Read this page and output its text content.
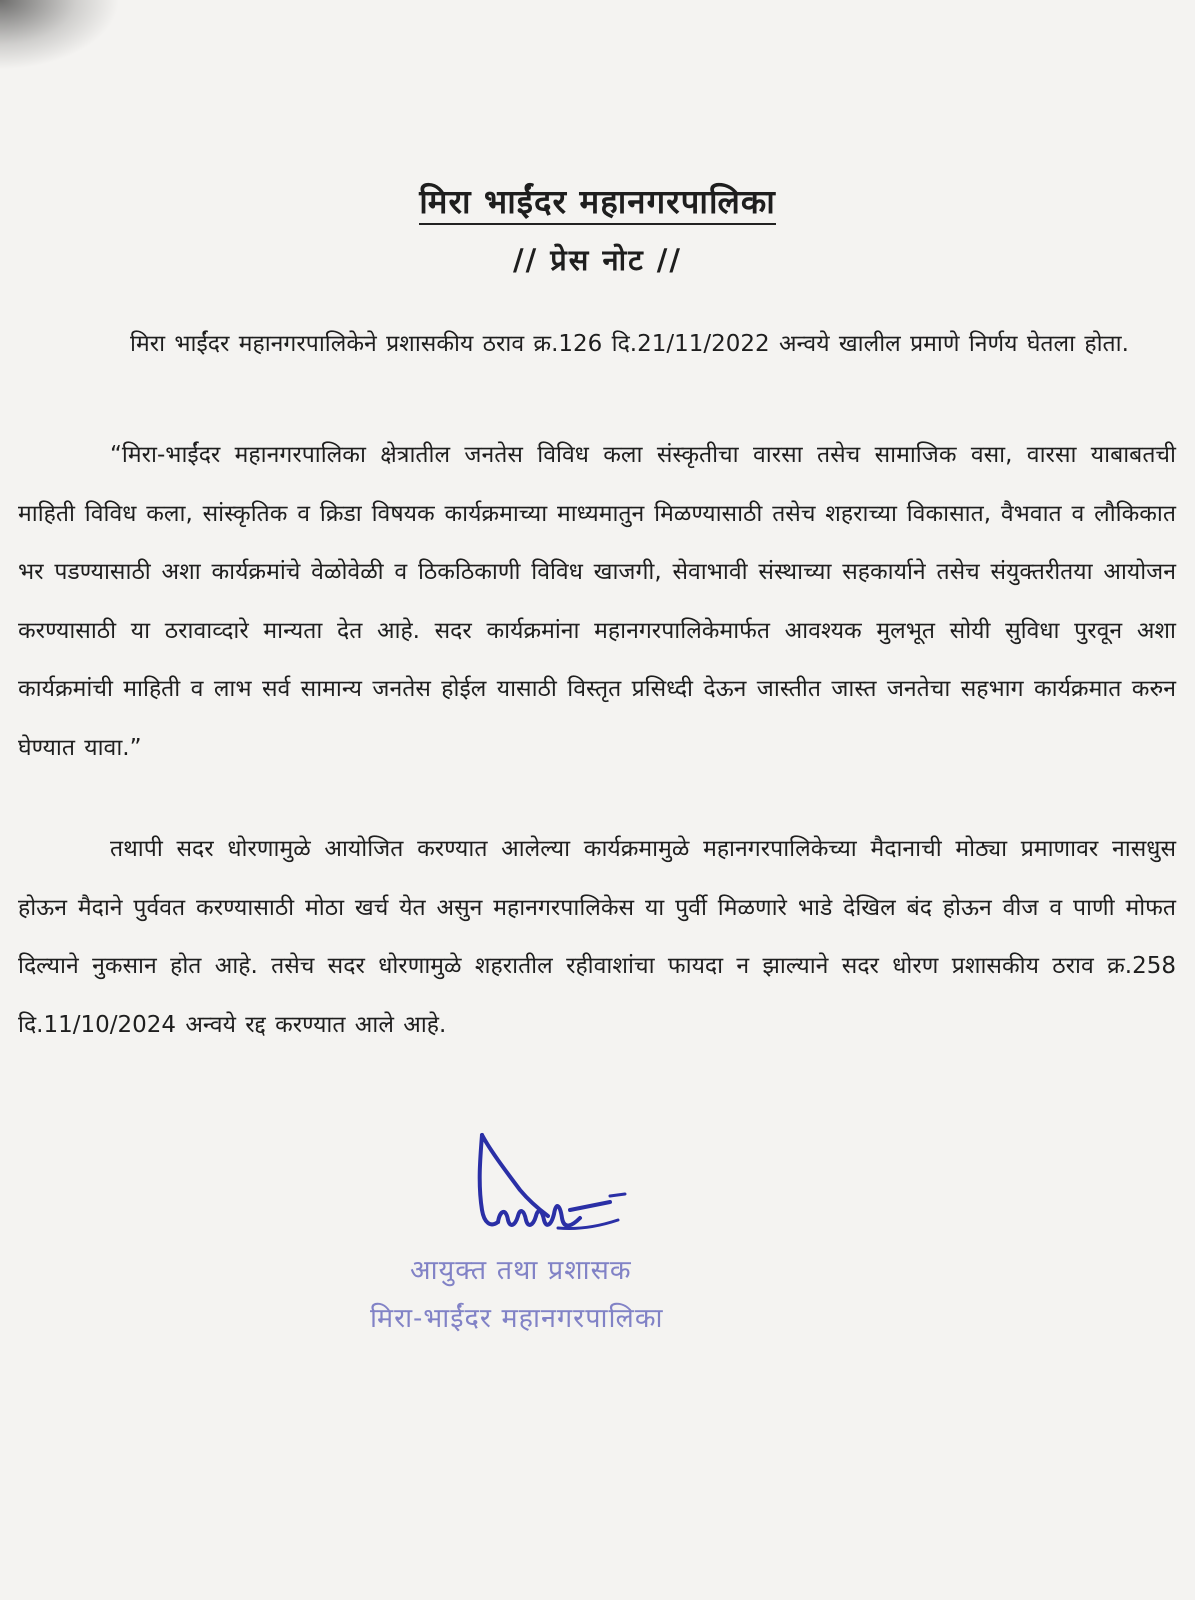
मिरा भाईंदर महानगरपालिका
// प्रेस नोट //
मिरा भाईंदर महानगरपालिकेने प्रशासकीय ठराव क्र.126 दि.21/11/2022 अन्वये खालील प्रमाणे निर्णय घेतला होता.
“मिरा-भाईंदर महानगरपालिका क्षेत्रातील जनतेस विविध कला संस्कृतीचा वारसा तसेच सामाजिक वसा, वारसा याबाबतची माहिती विविध कला, सांस्कृतिक व क्रिडा विषयक कार्यक्रमाच्या माध्यमातुन मिळण्यासाठी तसेच शहराच्या विकासात, वैभवात व लौकिकात भर पडण्यासाठी अशा कार्यक्रमांचे वेळोवेळी व ठिकठिकाणी विविध खाजगी, सेवाभावी संस्थाच्या सहकार्याने तसेच संयुक्तरीतया आयोजन करण्यासाठी या ठरावाव्दारे मान्यता देत आहे. सदर कार्यक्रमांना महानगरपालिकेमार्फत आवश्यक मुलभूत सोयी सुविधा पुरवून अशा कार्यक्रमांची माहिती व लाभ सर्व सामान्य जनतेस होईल यासाठी विस्तृत प्रसिध्दी देऊन जास्तीत जास्त जनतेचा सहभाग कार्यक्रमात करुन घेण्यात यावा.”
तथापी सदर धोरणामुळे आयोजित करण्यात आलेल्या कार्यक्रमामुळे महानगरपालिकेच्या मैदानाची मोठ्या प्रमाणावर नासधुस होऊन मैदाने पुर्ववत करण्यासाठी मोठा खर्च येत असुन महानगरपालिकेस या पुर्वी मिळणारे भाडे देखिल बंद होऊन वीज व पाणी मोफत दिल्याने नुकसान होत आहे. तसेच सदर धोरणामुळे शहरातील रहीवाशांचा फायदा न झाल्याने सदर धोरण प्रशासकीय ठराव क्र.258 दि.11/10/2024 अन्वये रद्द करण्यात आले आहे.
आयुक्त तथा प्रशासक
मिरा-भाईंदर महानगरपालिका
